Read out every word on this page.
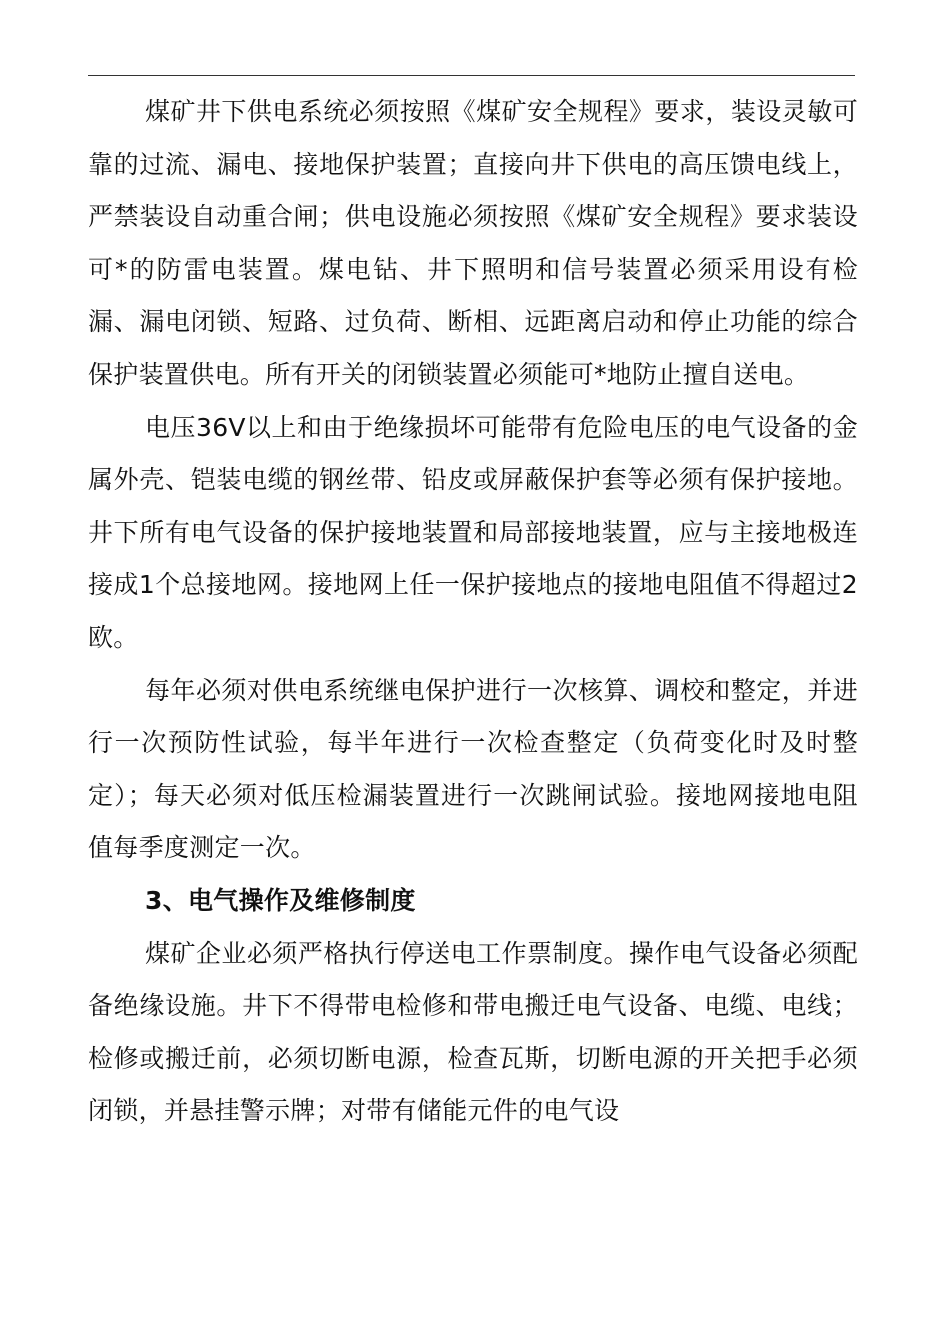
煤矿井下供电系统必须按照《煤矿安全规程》要求，装设灵敏可靠的过流、漏电、接地保护装置；直接向井下供电的高压馈电线上，严禁装设自动重合闸；供电设施必须按照《煤矿安全规程》要求装设可*的防雷电装置。煤电钻、井下照明和信号装置必须采用设有检漏、漏电闭锁、短路、过负荷、断相、远距离启动和停止功能的综合保护装置供电。所有开关的闭锁装置必须能可*地防止擅自送电。

电压36V以上和由于绝缘损坏可能带有危险电压的电气设备的金属外壳、铠装电缆的钢丝带、铅皮或屏蔽保护套等必须有保护接地。井下所有电气设备的保护接地装置和局部接地装置，应与主接地极连接成1个总接地网。接地网上任一保护接地点的接地电阻值不得超过2欧。

每年必须对供电系统继电保护进行一次核算、调校和整定，并进行一次预防性试验，每半年进行一次检查整定（负荷变化时及时整定）；每天必须对低压检漏装置进行一次跳闸试验。接地网接地电阻值每季度测定一次。

3、电气操作及维修制度

煤矿企业必须严格执行停送电工作票制度。操作电气设备必须配备绝缘设施。井下不得带电检修和带电搬迁电气设备、电缆、电线；检修或搬迁前，必须切断电源，检查瓦斯，切断电源的开关把手必须闭锁，并悬挂警示牌；对带有储能元件的电气设
